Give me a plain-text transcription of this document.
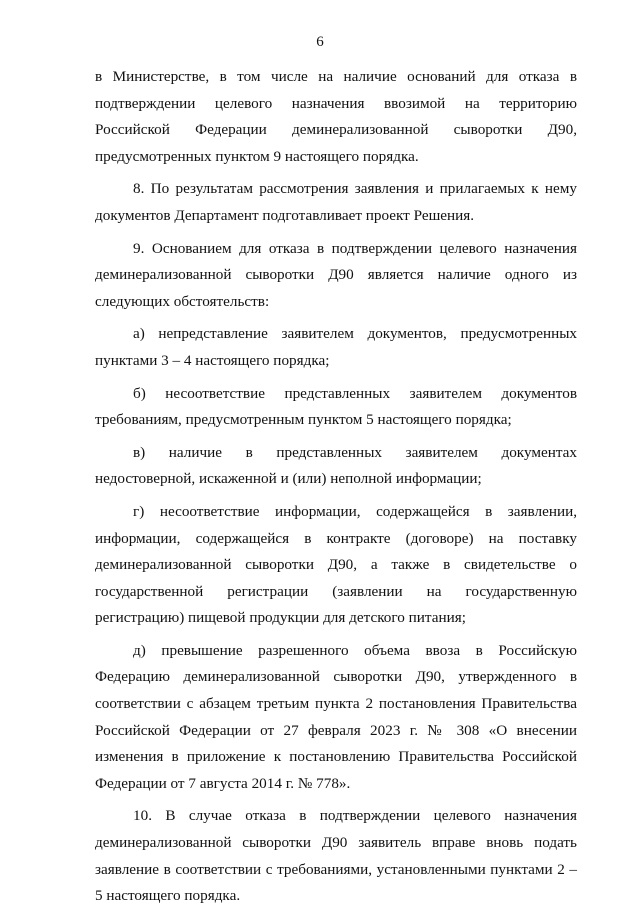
6

в Министерстве, в том числе на наличие оснований для отказа в подтверждении целевого назначения ввозимой на территорию Российской Федерации деминерализованной сыворотки Д90, предусмотренных пунктом 9 настоящего порядка.

8. По результатам рассмотрения заявления и прилагаемых к нему документов Департамент подготавливает проект Решения.

9. Основанием для отказа в подтверждении целевого назначения деминерализованной сыворотки Д90 является наличие одного из следующих обстоятельств:

а) непредставление заявителем документов, предусмотренных пунктами 3 – 4 настоящего порядка;

б) несоответствие представленных заявителем документов требованиям, предусмотренным пунктом 5 настоящего порядка;

в) наличие в представленных заявителем документах недостоверной, искаженной и (или) неполной информации;

г) несоответствие информации, содержащейся в заявлении, информации, содержащейся в контракте (договоре) на поставку деминерализованной сыворотки Д90, а также в свидетельстве о государственной регистрации (заявлении на государственную регистрацию) пищевой продукции для детского питания;

д) превышение разрешенного объема ввоза в Российскую Федерацию деминерализованной сыворотки Д90, утвержденного в соответствии с абзацем третьим пункта 2 постановления Правительства Российской Федерации от 27 февраля 2023 г. № 308 «О внесении изменения в приложение к постановлению Правительства Российской Федерации от 7 августа 2014 г. № 778».

10. В случае отказа в подтверждении целевого назначения деминерализованной сыворотки Д90 заявитель вправе вновь подать заявление в соответствии с требованиями, установленными пунктами 2 – 5 настоящего порядка.
